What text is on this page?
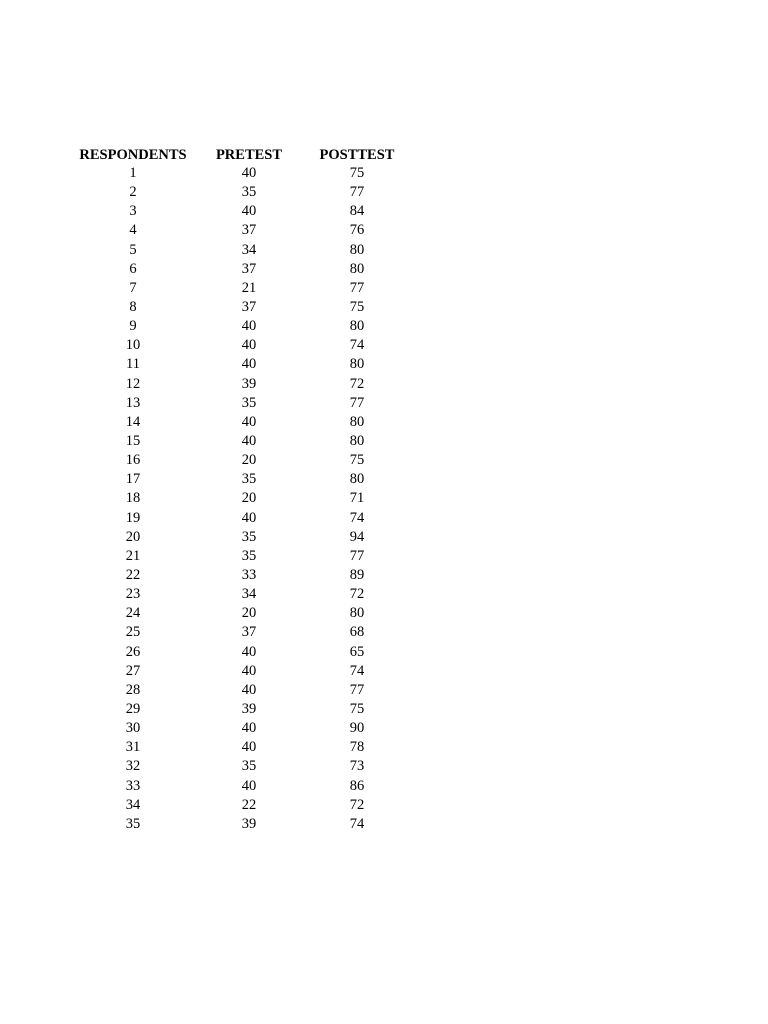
RESPONDENTS	PRETEST	POSTTEST
1	40	75
2	35	77
3	40	84
4	37	76
5	34	80
6	37	80
7	21	77
8	37	75
9	40	80
10	40	74
11	40	80
12	39	72
13	35	77
14	40	80
15	40	80
16	20	75
17	35	80
18	20	71
19	40	74
20	35	94
21	35	77
22	33	89
23	34	72
24	20	80
25	37	68
26	40	65
27	40	74
28	40	77
29	39	75
30	40	90
31	40	78
32	35	73
33	40	86
34	22	72
35	39	74
